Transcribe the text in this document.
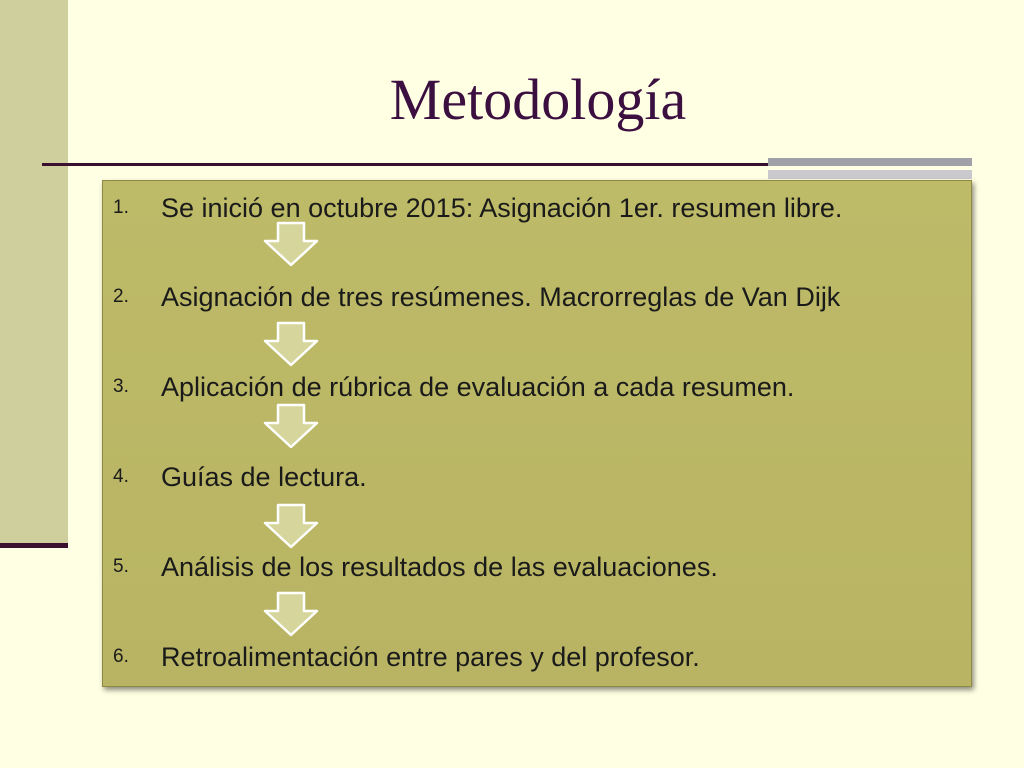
Metodología
1.	Se inició en octubre 2015: Asignación 1er. resumen libre.
2.	Asignación de tres resúmenes. Macrorreglas de Van Dijk
3.	Aplicación de rúbrica de evaluación a cada resumen.
4.	Guías de lectura.
5.	Análisis de los resultados de las evaluaciones.
6.	Retroalimentación entre pares y del profesor.
